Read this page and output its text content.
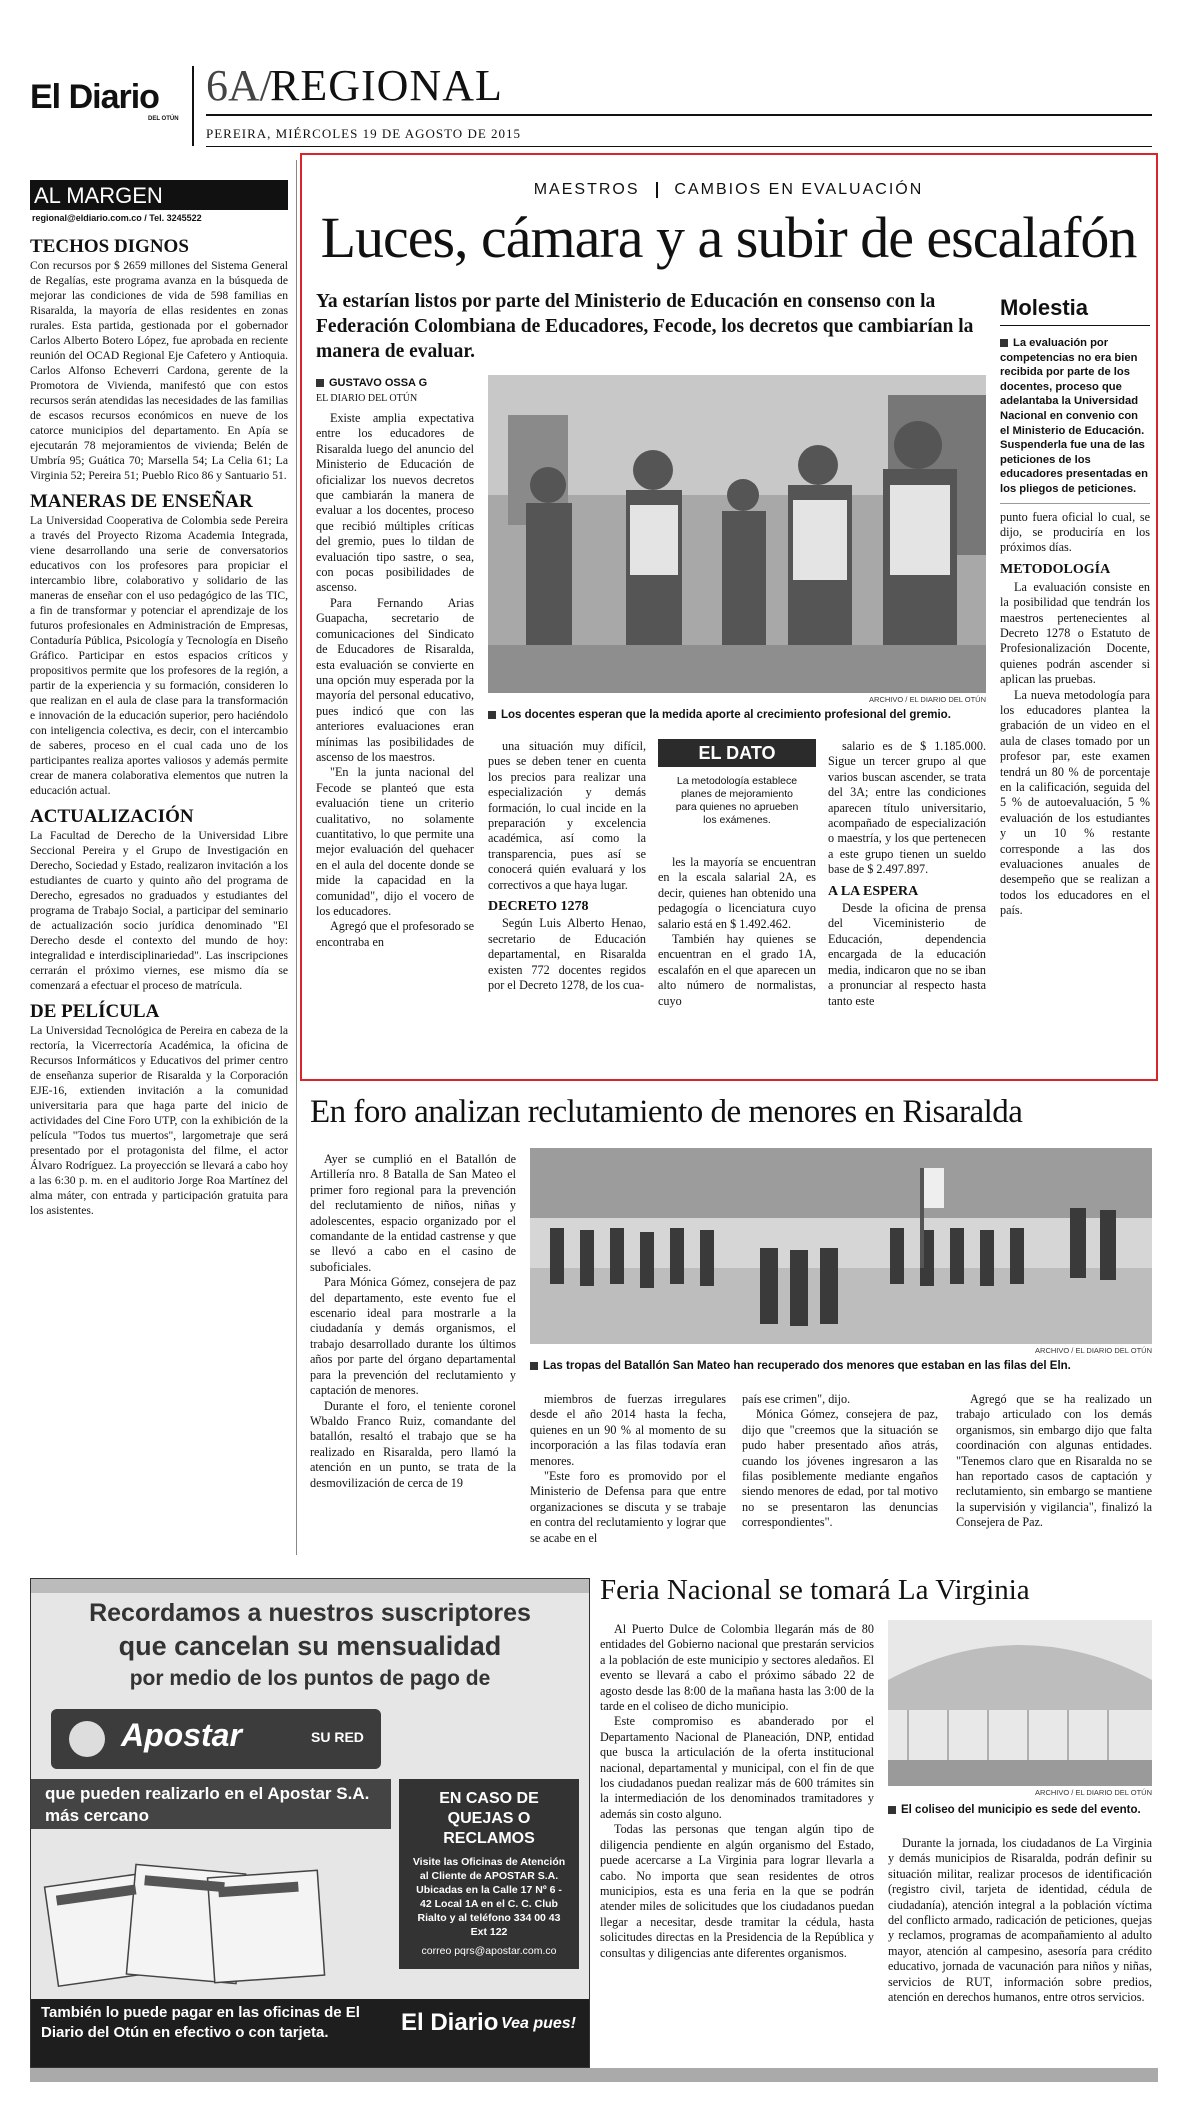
El Diario
DEL OTÚN
6A/
REGIONAL
PEREIRA, MIÉRCOLES 19 DE AGOSTO DE 2015
AL MARGEN
regional@eldiario.com.co / Tel. 3245522
TECHOS DIGNOS

Con recursos por $ 2659 millones del Sistema General de Regalías, este programa avanza en la búsqueda de mejorar las condiciones de vida de 598 familias en Risaralda, la mayoría de ellas residentes en zonas rurales. Esta partida, gestionada por el gobernador Carlos Alberto Botero López, fue aprobada en reciente reunión del OCAD Regional Eje Cafetero y Antioquia. Carlos Alfonso Echeverri Cardona, gerente de la Promotora de Vivienda, manifestó que con estos recursos serán atendidas las necesidades de las familias de escasos recursos económicos en nueve de los catorce municipios del departamento. En Apía se ejecutarán 78 mejoramientos de vivienda; Belén de Umbría 95; Guática 70; Marsella 54; La Celia 61; La Virginia 52; Pereira 51; Pueblo Rico 86 y Santuario 51.

MANERAS DE ENSEÑAR

La Universidad Cooperativa de Colombia sede Pereira a través del Proyecto Rizoma Academia Integrada, viene desarrollando una serie de conversatorios educativos con los profesores para propiciar el intercambio libre, colaborativo y solidario de las maneras de enseñar con el uso pedagógico de las TIC, a fin de transformar y potenciar el aprendizaje de los futuros profesionales en Administración de Empresas, Contaduría Pública, Psicología y Tecnología en Diseño Gráfico. Participar en estos espacios críticos y propositivos permite que los profesores de la región, a partir de la experiencia y su formación, consideren lo que realizan en el aula de clase para la transformación e innovación de la educación superior, pero haciéndolo con inteligencia colectiva, es decir, con el intercambio de saberes, proceso en el cual cada uno de los participantes realiza aportes valiosos y además permite crear de manera colaborativa elementos que nutren la educación actual.

ACTUALIZACIÓN

La Facultad de Derecho de la Universidad Libre Seccional Pereira y el Grupo de Investigación en Derecho, Sociedad y Estado, realizaron invitación a los estudiantes de cuarto y quinto año del programa de Derecho, egresados no graduados y estudiantes del programa de Trabajo Social, a participar del seminario de actualización socio jurídica denominado "El Derecho desde el contexto del mundo de hoy: integralidad e interdisciplinariedad". Las inscripciones cerrarán el próximo viernes, ese mismo día se comenzará a efectuar el proceso de matrícula.

DE PELÍCULA

La Universidad Tecnológica de Pereira en cabeza de la rectoría, la Vicerrectoría Académica, la oficina de Recursos Informáticos y Educativos del primer centro de enseñanza superior de Risaralda y la Corporación EJE-16, extienden invitación a la comunidad universitaria para que haga parte del inicio de actividades del Cine Foro UTP, con la exhibición de la película "Todos tus muertos", largometraje que será presentado por el protagonista del filme, el actor Álvaro Rodríguez. La proyección se llevará a cabo hoy a las 6:30 p. m. en el auditorio Jorge Roa Martínez del alma máter, con entrada y participación gratuita para los asistentes.

MAESTROS CAMBIOS EN EVALUACIÓN
Luces, cámara y a subir de escalafón
Ya estarían listos por parte del Ministerio de Educación en consenso con la Federación Colombiana de Educadores, Fecode, los decretos que cambiarían la manera de evaluar.
GUSTAVO OSSA G
EL DIARIO DEL OTÚN

Existe amplia expectativa entre los educadores de Risaralda luego del anuncio del Ministerio de Educación de oficializar los nuevos decretos que cambiarán la manera de evaluar a los docentes, proceso que recibió múltiples críticas del gremio, pues lo tildan de evaluación tipo sastre, o sea, con pocas posibilidades de ascenso.

Para Fernando Arias Guapacha, secretario de comunicaciones del Sindicato de Educadores de Risaralda, esta evaluación se convierte en una opción muy esperada por la mayoría del personal educativo, pues indicó que con las anteriores evaluaciones eran mínimas las posibilidades de ascenso de los maestros.

"En la junta nacional del Fecode se planteó que esta evaluación tiene un criterio cualitativo, no solamente cuantitativo, lo que permite una mejor evaluación del quehacer en el aula del docente donde se mide la capacidad en la comunidad", dijo el vocero de los educadores.

Agregó que el profesorado se encontraba en

ARCHIVO / EL DIARIO DEL OTÚN
Los docentes esperan que la medida aporte al crecimiento profesional del gremio.

una situación muy difícil, pues se deben tener en cuenta los precios para realizar una especialización y demás formación, lo cual incide en la preparación y excelencia académica, así como la transparencia, pues así se conocerá quién evaluará y los correctivos a que haya lugar.

DECRETO 1278

Según Luis Alberto Henao, secretario de Educación departamental, en Risaralda existen 772 docentes regidos por el Decreto 1278, de los cua-

EL DATO
La metodología establece planes de mejoramiento para quienes no aprueben los exámenes.

les la mayoría se encuentran en la escala salarial 2A, es decir, quienes han obtenido una pedagogía o licenciatura cuyo salario está en $ 1.492.462.

También hay quienes se encuentran en el grado 1A, escalafón en el que aparecen un alto número de normalistas, cuyo

salario es de $ 1.185.000. Sigue un tercer grupo al que varios buscan ascender, se trata del 3A; entre las condiciones aparecen título universitario, acompañado de especialización o maestría, y los que pertenecen a este grupo tienen un sueldo base de $ 2.497.897.

A LA ESPERA

Desde la oficina de prensa del Viceministerio de Educación, dependencia encargada de la educación media, indicaron que no se iban a pronunciar al respecto hasta tanto este

Molestia

La evaluación por competencias no era bien recibida por parte de los docentes, proceso que adelantaba la Universidad Nacional en convenio con el Ministerio de Educación. Suspenderla fue una de las peticiones de los educadores presentadas en los pliegos de peticiones.

punto fuera oficial lo cual, se dijo, se produciría en los próximos días.

METODOLOGÍA

La evaluación consiste en la posibilidad que tendrán los maestros pertenecientes al Decreto 1278 o Estatuto de Profesionalización Docente, quienes podrán ascender si aplican las pruebas.

La nueva metodología para los educadores plantea la grabación de un video en el aula de clases tomado por un profesor par, este examen tendrá un 80 % de porcentaje en la calificación, seguida del 5 % de autoevaluación, 5 % evaluación de los estudiantes y un 10 % restante corresponde a las dos evaluaciones anuales de desempeño que se realizan a todos los educadores en el país.

En foro analizan reclutamiento de menores en Risaralda

Ayer se cumplió en el Batallón de Artillería nro. 8 Batalla de San Mateo el primer foro regional para la prevención del reclutamiento de niños, niñas y adolescentes, espacio organizado por el comandante de la entidad castrense y que se llevó a cabo en el casino de suboficiales.

Para Mónica Gómez, consejera de paz del departamento, este evento fue el escenario ideal para mostrarle a la ciudadanía y demás organismos, el trabajo desarrollado durante los últimos años por parte del órgano departamental para la prevención del reclutamiento y captación de menores.

Durante el foro, el teniente coronel Wbaldo Franco Ruiz, comandante del batallón, resaltó el trabajo que se ha realizado en Risaralda, pero llamó la atención en un punto, se trata de la desmovilización de cerca de 19

ARCHIVO / EL DIARIO DEL OTÚN
Las tropas del Batallón San Mateo han recuperado dos menores que estaban en las filas del Eln.

miembros de fuerzas irregulares desde el año 2014 hasta la fecha, quienes en un 90 % al momento de su incorporación a las filas todavía eran menores.

"Este foro es promovido por el Ministerio de Defensa para que entre organizaciones se discuta y se trabaje en contra del reclutamiento y lograr que se acabe en el

país ese crimen", dijo.

Mónica Gómez, consejera de paz, dijo que "creemos que la situación se pudo haber presentado años atrás, cuando los jóvenes ingresaron a las filas posiblemente mediante engaños siendo menores de edad, por tal motivo no se presentaron las denuncias correspondientes".

Agregó que se ha realizado un trabajo articulado con los demás organismos, sin embargo dijo que falta coordinación con algunas entidades. "Tenemos claro que en Risaralda no se han reportado casos de captación y reclutamiento, sin embargo se mantiene la supervisión y vigilancia", finalizó la Consejera de Paz.

Recordamos a nuestros suscriptores
que cancelan su mensualidad
por medio de los puntos de pago de
Apostar	SU RED
que pueden realizarlo en el Apostar S.A. más cercano
EN CASO DE QUEJAS O RECLAMOS
Visite las Oficinas de Atención al Cliente de APOSTAR S.A. Ubicadas en la Calle 17 Nº 6 - 42 Local 1A en el C. C. Club Rialto y al teléfono 334 00 43 Ext 122
correo pqrs@apostar.com.co
También lo puede pagar en las oficinas de El Diario del Otún en efectivo o con tarjeta.	El Diario Vea pues!
Feria Nacional se tomará La Virginia

Al Puerto Dulce de Colombia llegarán más de 80 entidades del Gobierno nacional que prestarán servicios a la población de este municipio y sectores aledaños. El evento se llevará a cabo el próximo sábado 22 de agosto desde las 8:00 de la mañana hasta las 3:00 de la tarde en el coliseo de dicho municipio.

Este compromiso es abanderado por el Departamento Nacional de Planeación, DNP, entidad que busca la articulación de la oferta institucional nacional, departamental y municipal, con el fin de que los ciudadanos puedan realizar más de 600 trámites sin la intermediación de los denominados tramitadores y además sin costo alguno.

Todas las personas que tengan algún tipo de diligencia pendiente en algún organismo del Estado, puede acercarse a La Virginia para lograr llevarla a cabo. No importa que sean residentes de otros municipios, esta es una feria en la que se podrán atender miles de solicitudes que los ciudadanos puedan llegar a necesitar, desde tramitar la cédula, hasta solicitudes directas en la Presidencia de la República y consultas y diligencias ante diferentes organismos.

ARCHIVO / EL DIARIO DEL OTÚN
El coliseo del municipio es sede del evento.

Durante la jornada, los ciudadanos de La Virginia y demás municipios de Risaralda, podrán definir su situación militar, realizar procesos de identificación (registro civil, tarjeta de identidad, cédula de ciudadanía), atención integral a la población víctima del conflicto armado, radicación de peticiones, quejas y reclamos, programas de acompañamiento al adulto mayor, atención al campesino, asesoría para crédito educativo, jornada de vacunación para niños y niñas, servicios de RUT, información sobre predios, atención en derechos humanos, entre otros servicios.
